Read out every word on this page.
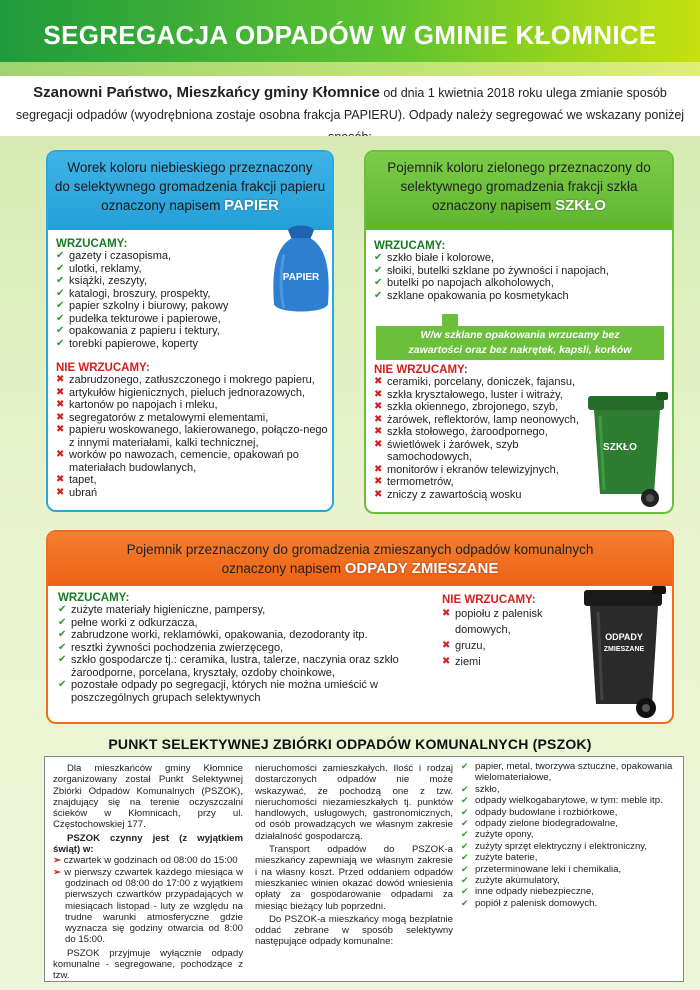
SEGREGACJA ODPADÓW W GMINIE KŁOMNICE
Szanowni Państwo, Mieszkańcy gminy Kłomnice od dnia 1 kwietnia 2018 roku ulega zmianie sposób
segregacji odpadów (wyodrębniona zostaje osobna frakcja PAPIERU). Odpady należy segregować we wskazany poniżej
Worek koloru niebieskiego przeznaczony
do selektywnego gromadzenia frakcji papieru
oznaczony napisem PAPIER
WRZUCAMY:
✔ gazety i czasopisma,
✔ ulotki, reklamy,
✔ książki, zeszyty,
✔ katalogi, broszury, prospekty,
✔ papier szkolny i biurowy, pakowy
✔ pudełka tekturowe i papierowe,
✔ opakowania z papieru i tektury,
✔ torebki papierowe, koperty
PAPIER
NIE WRZUCAMY:
✖ zabrudzonego, zatłuszczonego i mokrego papieru,
✖ artykułów higienicznych, pieluch jednorazowych,
✖ kartonów po napojach i mleku,
✖ segregatorów z metalowymi elementami,
✖ papieru woskowanego, lakierowanego, połączo-nego z innymi materiałami, kalki technicznej,
✖ worków po nawozach, cemencie, opakowań po materiałach budowlanych,
✖ tapet,
✖ ubrań
Pojemnik koloru zielonego przeznaczony do
selektywnego gromadzenia frakcji szkła
oznaczony napisem SZKŁO
WRZUCAMY:
✔ szkło białe i kolorowe,
✔ słoiki, butelki szklane po żywności i napojach,
✔ butelki po napojach alkoholowych,
✔ szklane opakowania po kosmetykach
W/w szklane opakowania wrzucamy bez
zawartości oraz bez nakrętek, kapsli, korków
NIE WRZUCAMY:
✖ ceramiki, porcelany, doniczek, fajansu,
✖ szkła kryształowego, luster i witraży,
✖ szkła okiennego, zbrojonego, szyb,
✖ żarówek, reflektorów, lamp neonowych,
✖ szkła stołowego, żaroodpornego,
✖ świetlówek i żarówek, szyb samochodowych,
✖ monitorów i ekranów telewizyjnych,
✖ termometrów,
✖ zniczy z zawartością wosku
SZKŁO
Pojemnik przeznaczony do gromadzenia zmieszanych odpadów komunalnych
oznaczony napisem ODPADY ZMIESZANE
WRZUCAMY:
✔ zużyte materiały higieniczne, pampersy,
✔ pełne worki z odkurzacza,
✔ zabrudzone worki, reklamówki, opakowania, dezodoranty itp.
✔ resztki żywności pochodzenia zwierzęcego,
✔ szkło gospodarcze tj.: ceramika, lustra, talerze, naczynia oraz szkło żaroodporne, porcelana, kryształy, ozdoby choinkowe,
✔ pozostałe odpady po segregacji, których nie można umieścić w poszczególnych grupach selektywnych
NIE WRZUCAMY:
✖ popiołu z palenisk domowych,
✖ gruzu,
✖ ziemi
ODPADY
ZMIESZANE
PUNKT SELEKTYWNEJ ZBIÓRKI ODPADÓW KOMUNALNYCH (PSZOK)

Dla mieszkańców gminy Kłomnice zorganizowany został Punkt Selektywnej Zbiórki Odpadów Komunalnych (PSZOK), znajdujący się na terenie oczyszczalni ścieków w Kłomnicach, przy ul. Częstochowskiej 177.

PSZOK czynny jest (z wyjątkiem świąt) w:

➢ czwartek w godzinach od 08:00 do 15:00

➢ w pierwszy czwartek każdego miesiąca w godzinach od 08:00 do 17:00 z wyjątkiem pierwszych czwartków przypadających w miesiącach listopad - luty ze względu na trudne warunki atmosferyczne gdzie wyznacza się godziny otwarcia od 8:00 do 15:00.

PSZOK przyjmuje wyłącznie odpady komunalne - segregowane, pochodzące z tzw.

nieruchomości zamieszkałych. Ilość i rodzaj dostarczonych odpadów nie może wskazywać, że pochodzą one z tzw. nieruchomości niezamieszkałych tj. punktów handlowych, usługowych, gastronomicznych, od osób prowadzących we własnym zakresie działalność gospodarczą.

Transport odpadów do PSZOK-a mieszkańcy zapewniają we własnym zakresie i na własny koszt. Przed oddaniem odpadów mieszkaniec winien okazać dowód wniesienia opłaty za gospodarowanie odpadami za miesiąc bieżący lub poprzedni.

Do PSZOK-a mieszkańcy mogą bezpłatnie oddać zebrane w sposób selektywny następujące odpady komunalne:

✔ papier, metal, tworzywa sztuczne, opakowania wielomateriałowe,
✔ szkło,
✔ odpady wielkogabarytowe, w tym: meble itp.
✔ odpady budowlane i rozbiórkowe,
✔ odpady zielone biodegradowalne,
✔ zużyte opony,
✔ zużyty sprzęt elektryczny i elektroniczny,
✔ zużyte baterie,
✔ przeterminowane leki i chemikalia,
✔ zużyte akumulatory,
✔ inne odpady niebezpieczne,
✔ popiół z palenisk domowych.
